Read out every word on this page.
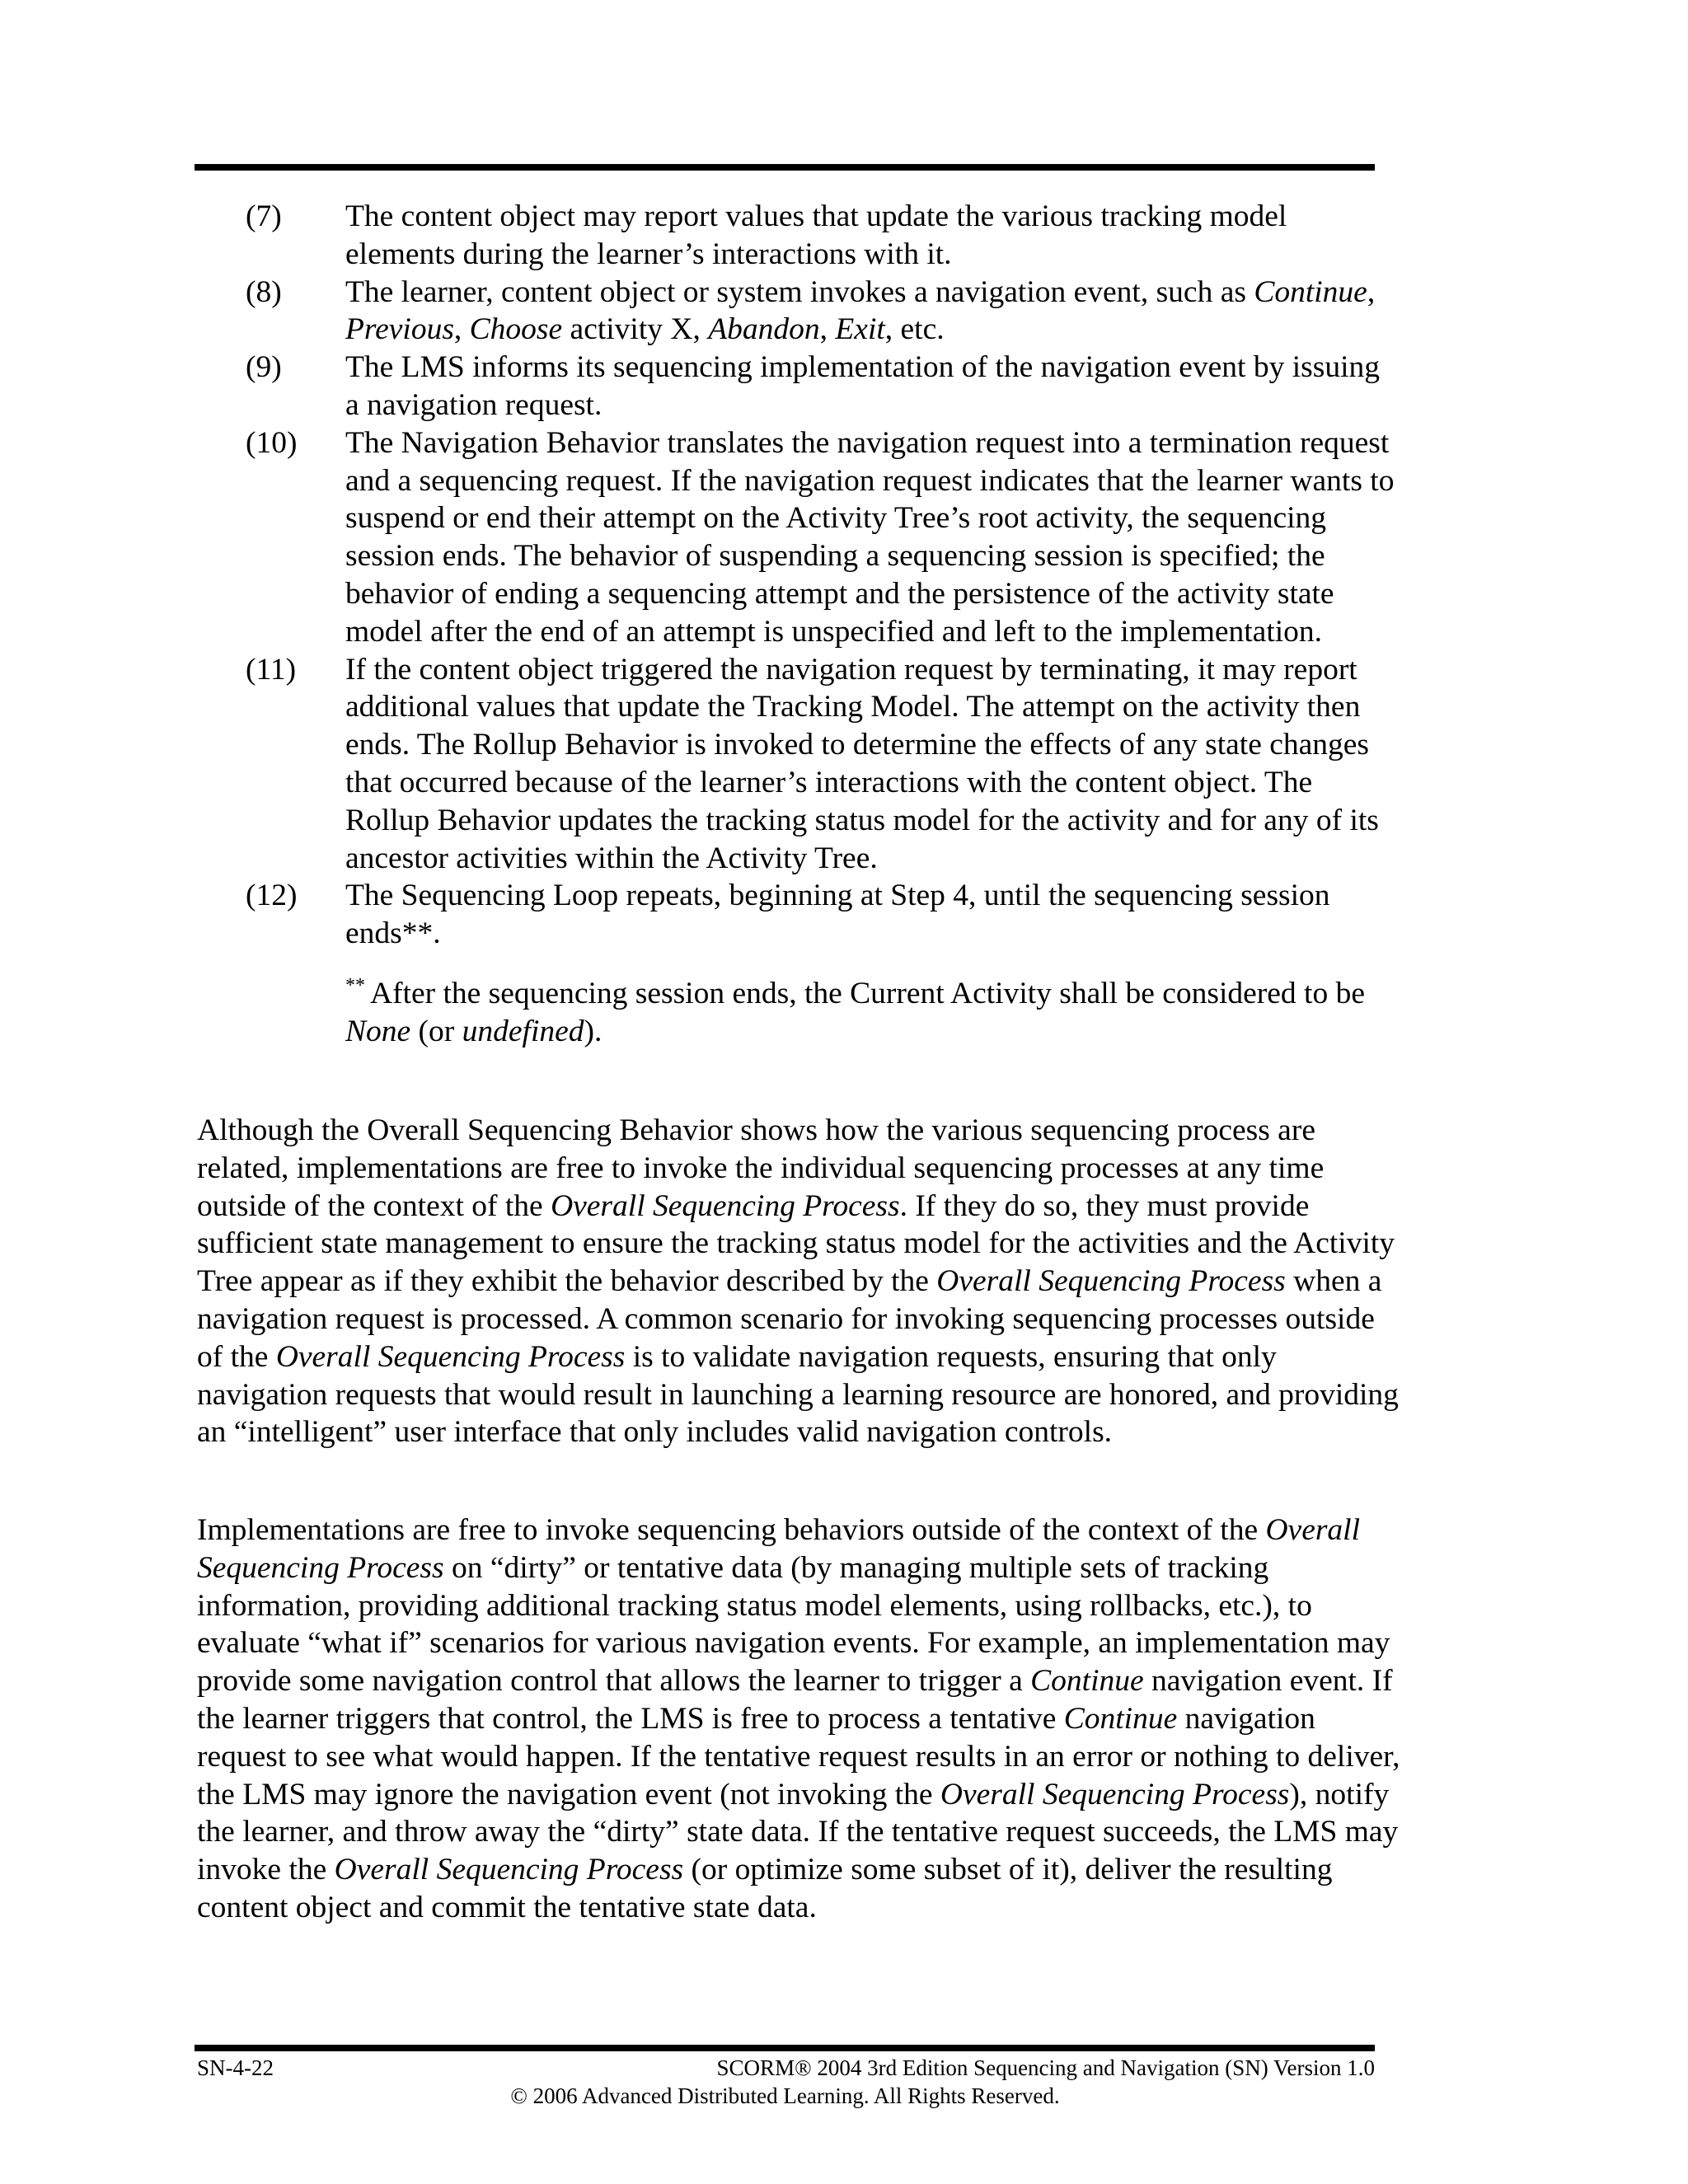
(7)	The content object may report values that update the various tracking model elements during the learner’s interactions with it.
(8)	The learner, content object or system invokes a navigation event, such as Continue, Previous, Choose activity X, Abandon, Exit, etc.
(9)	The LMS informs its sequencing implementation of the navigation event by issuing a navigation request.
(10)	The Navigation Behavior translates the navigation request into a termination request and a sequencing request. If the navigation request indicates that the learner wants to suspend or end their attempt on the Activity Tree’s root activity, the sequencing session ends. The behavior of suspending a sequencing session is specified; the behavior of ending a sequencing attempt and the persistence of the activity state model after the end of an attempt is unspecified and left to the implementation.
(11)	If the content object triggered the navigation request by terminating, it may report additional values that update the Tracking Model. The attempt on the activity then ends. The Rollup Behavior is invoked to determine the effects of any state changes that occurred because of the learner’s interactions with the content object. The Rollup Behavior updates the tracking status model for the activity and for any of its ancestor activities within the Activity Tree.
(12)	The Sequencing Loop repeats, beginning at Step 4, until the sequencing session ends**.
** After the sequencing session ends, the Current Activity shall be considered to be None (or undefined).
Although the Overall Sequencing Behavior shows how the various sequencing process are related, implementations are free to invoke the individual sequencing processes at any time outside of the context of the Overall Sequencing Process. If they do so, they must provide sufficient state management to ensure the tracking status model for the activities and the Activity Tree appear as if they exhibit the behavior described by the Overall Sequencing Process when a navigation request is processed. A common scenario for invoking sequencing processes outside of the Overall Sequencing Process is to validate navigation requests, ensuring that only navigation requests that would result in launching a learning resource are honored, and providing an “intelligent” user interface that only includes valid navigation controls.
Implementations are free to invoke sequencing behaviors outside of the context of the Overall Sequencing Process on “dirty” or tentative data (by managing multiple sets of tracking information, providing additional tracking status model elements, using rollbacks, etc.), to evaluate “what if” scenarios for various navigation events. For example, an implementation may provide some navigation control that allows the learner to trigger a Continue navigation event. If the learner triggers that control, the LMS is free to process a tentative Continue navigation request to see what would happen. If the tentative request results in an error or nothing to deliver, the LMS may ignore the navigation event (not invoking the Overall Sequencing Process), notify the learner, and throw away the “dirty” state data. If the tentative request succeeds, the LMS may invoke the Overall Sequencing Process (or optimize some subset of it), deliver the resulting content object and commit the tentative state data.
SN-4-22	SCORM® 2004 3rd Edition Sequencing and Navigation (SN) Version 1.0
© 2006 Advanced Distributed Learning. All Rights Reserved.
